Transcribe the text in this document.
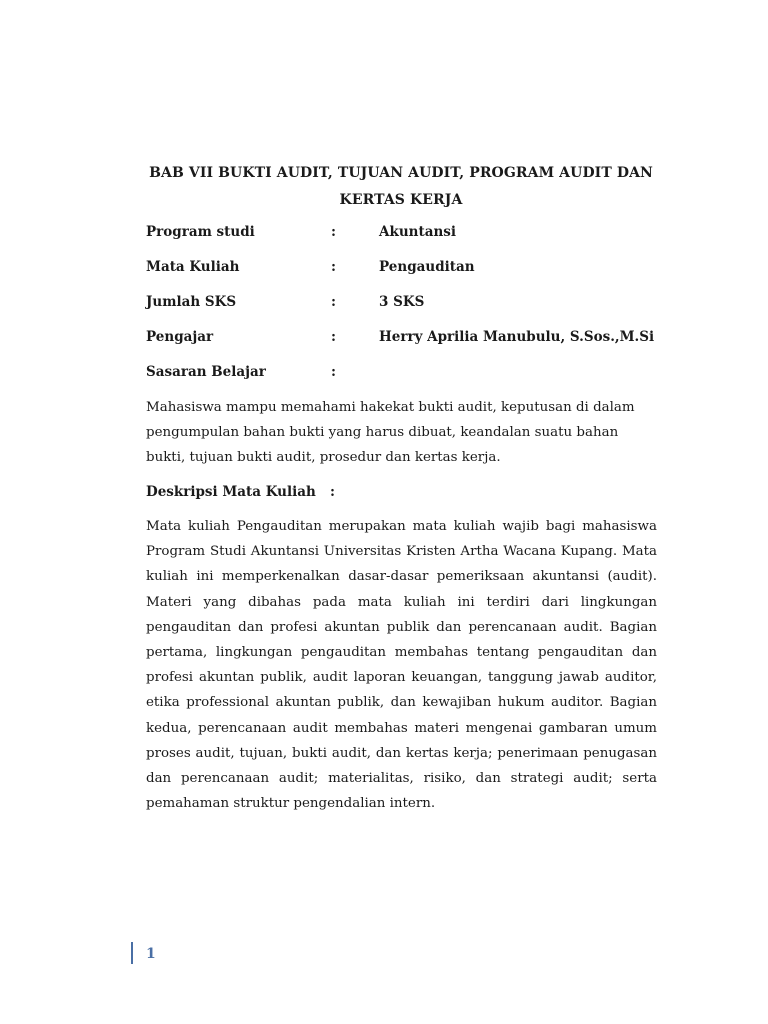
BAB VII BUKTI AUDIT, TUJUAN AUDIT, PROGRAM AUDIT DAN KERTAS KERJA
Program studi	:	Akuntansi
Mata Kuliah	:	Pengauditan
Jumlah SKS	:	3 SKS
Pengajar	:	Herry Aprilia Manubulu, S.Sos.,M.Si
Sasaran Belajar	:

Mahasiswa mampu memahami hakekat bukti audit, keputusan di dalam pengumpulan bahan bukti yang harus dibuat, keandalan suatu bahan bukti, tujuan bukti audit, prosedur dan kertas kerja.

Deskripsi Mata Kuliah :

Mata kuliah Pengauditan merupakan mata kuliah wajib bagi mahasiswa Program Studi Akuntansi Universitas Kristen Artha Wacana Kupang. Mata kuliah ini memperkenalkan dasar-dasar pemeriksaan akuntansi (audit). Materi yang dibahas pada mata kuliah ini terdiri dari lingkungan pengauditan dan profesi akuntan publik dan perencanaan audit. Bagian pertama, lingkungan pengauditan membahas tentang pengauditan dan profesi akuntan publik, audit laporan keuangan, tanggung jawab auditor, etika professional akuntan publik, dan kewajiban hukum auditor. Bagian kedua, perencanaan audit membahas materi mengenai gambaran umum proses audit, tujuan, bukti audit, dan kertas kerja; penerimaan penugasan dan perencanaan audit; materialitas, risiko, dan strategi audit; serta pemahaman struktur pengendalian intern.

1
